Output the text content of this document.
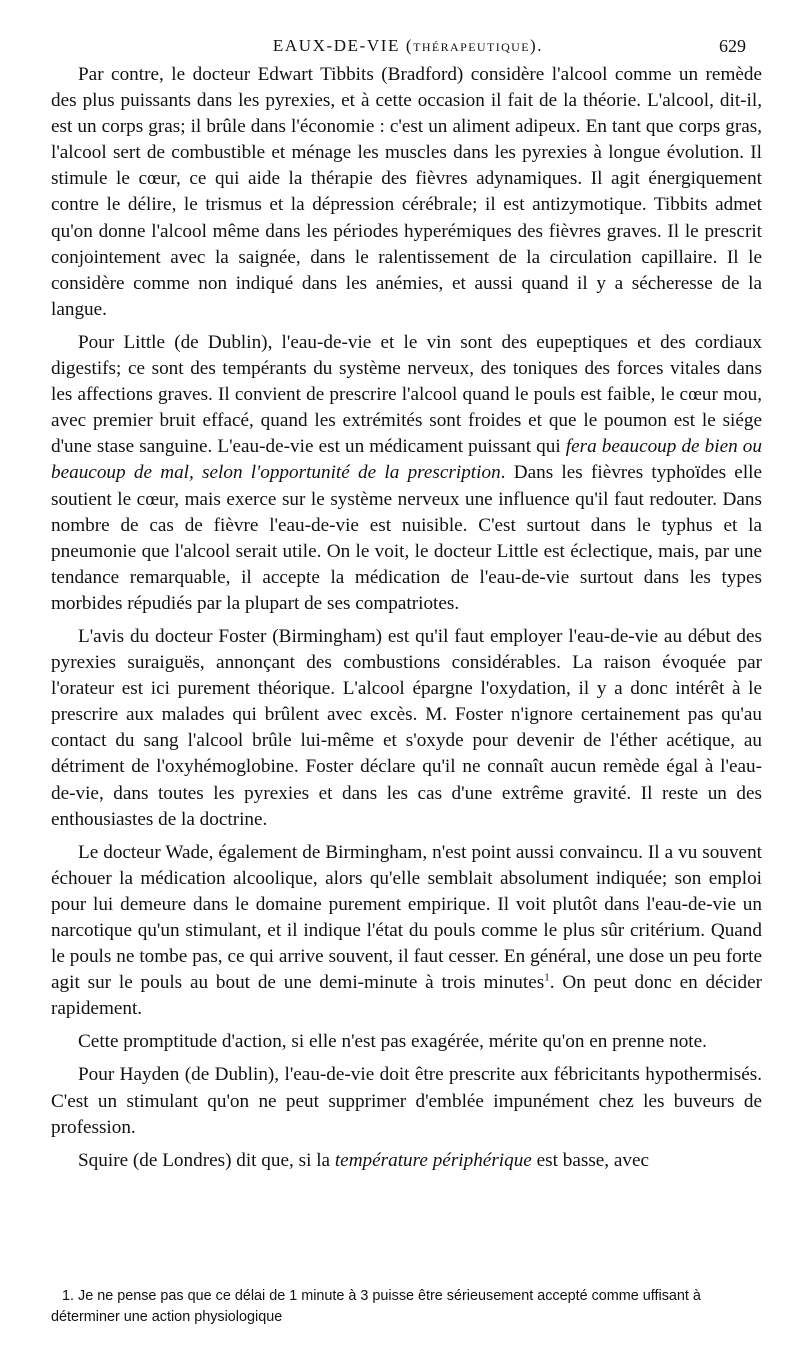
EAUX-DE-VIE (THÉRAPEUTIQUE).	629

Par contre, le docteur Edwart Tibbits (Bradford) considère l'alcool comme un remède des plus puissants dans les pyrexies, et à cette occasion il fait de la théorie. L'alcool, dit-il, est un corps gras; il brûle dans l'économie : c'est un aliment adipeux. En tant que corps gras, l'alcool sert de combustible et ménage les muscles dans les pyrexies à longue évolution. Il stimule le cœur, ce qui aide la thérapie des fièvres adynamiques. Il agit énergiquement contre le délire, le trismus et la dépression cérébrale; il est antizymotique. Tibbits admet qu'on donne l'alcool même dans les périodes hyperémiques des fièvres graves. Il le prescrit conjointement avec la saignée, dans le ralentissement de la circulation capillaire. Il le considère comme non indiqué dans les anémies, et aussi quand il y a sécheresse de la langue.

Pour Little (de Dublin), l'eau-de-vie et le vin sont des eupeptiques et des cordiaux digestifs; ce sont des tempérants du système nerveux, des toniques des forces vitales dans les affections graves. Il convient de prescrire l'alcool quand le pouls est faible, le cœur mou, avec premier bruit effacé, quand les extrémités sont froides et que le poumon est le siége d'une stase sanguine. L'eau-de-vie est un médicament puissant qui fera beaucoup de bien ou beaucoup de mal, selon l'opportunité de la prescription. Dans les fièvres typhoïdes elle soutient le cœur, mais exerce sur le système nerveux une influence qu'il faut redouter. Dans nombre de cas de fièvre l'eau-de-vie est nuisible. C'est surtout dans le typhus et la pneumonie que l'alcool serait utile. On le voit, le docteur Little est éclectique, mais, par une tendance remarquable, il accepte la médication de l'eau-de-vie surtout dans les types morbides répudiés par la plupart de ses compatriotes.

L'avis du docteur Foster (Birmingham) est qu'il faut employer l'eau-de-vie au début des pyrexies suraiguës, annonçant des combustions considérables. La raison évoquée par l'orateur est ici purement théorique. L'alcool épargne l'oxydation, il y a donc intérêt à le prescrire aux malades qui brûlent avec excès. M. Foster n'ignore certainement pas qu'au contact du sang l'alcool brûle lui-même et s'oxyde pour devenir de l'éther acétique, au détriment de l'oxyhémoglobine. Foster déclare qu'il ne connaît aucun remède égal à l'eau-de-vie, dans toutes les pyrexies et dans les cas d'une extrême gravité. Il reste un des enthousiastes de la doctrine.

Le docteur Wade, également de Birmingham, n'est point aussi convaincu. Il a vu souvent échouer la médication alcoolique, alors qu'elle semblait absolument indiquée; son emploi pour lui demeure dans le domaine purement empirique. Il voit plutôt dans l'eau-de-vie un narcotique qu'un stimulant, et il indique l'état du pouls comme le plus sûr critérium. Quand le pouls ne tombe pas, ce qui arrive souvent, il faut cesser. En général, une dose un peu forte agit sur le pouls au bout de une demi-minute à trois minutes$^1$. On peut donc en décider rapidement.

Cette promptitude d'action, si elle n'est pas exagérée, mérite qu'on en prenne note.

Pour Hayden (de Dublin), l'eau-de-vie doit être prescrite aux fébricitants hypothermisés. C'est un stimulant qu'on ne peut supprimer d'emblée impunément chez les buveurs de profession.

Squire (de Londres) dit que, si la température périphérique est basse, avec

1. Je ne pense pas que ce délai de 1 minute à 3 puisse être sérieusement accepté comme uffisant à déterminer une action physiologique
